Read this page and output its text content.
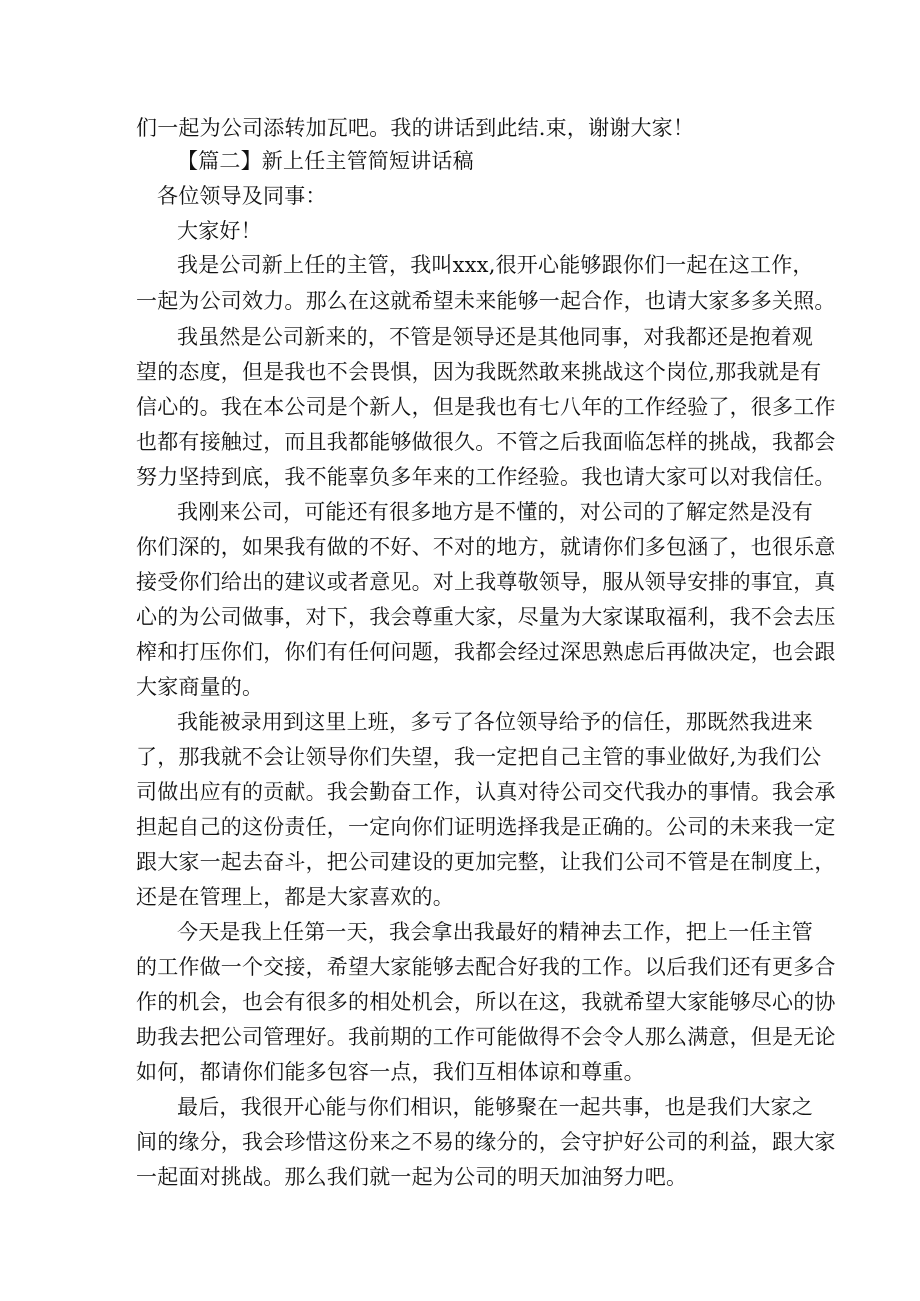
们一起为公司添转加瓦吧。我的讲话到此结.束，谢谢大家！
【篇二】新上任主管简短讲话稿
各位领导及同事：
大家好！
我是公司新上任的主管，我叫xxx,很开心能够跟你们一起在这工作，
一起为公司效力。那么在这就希望未来能够一起合作，也请大家多多关照。
我虽然是公司新来的，不管是领导还是其他同事，对我都还是抱着观
望的态度，但是我也不会畏惧，因为我既然敢来挑战这个岗位,那我就是有
信心的。我在本公司是个新人，但是我也有七八年的工作经验了，很多工作
也都有接触过，而且我都能够做很久。不管之后我面临怎样的挑战，我都会
努力坚持到底，我不能辜负多年来的工作经验。我也请大家可以对我信任。
我刚来公司，可能还有很多地方是不懂的，对公司的了解定然是没有
你们深的，如果我有做的不好、不对的地方，就请你们多包涵了，也很乐意
接受你们给出的建议或者意见。对上我尊敬领导，服从领导安排的事宜，真
心的为公司做事，对下，我会尊重大家，尽量为大家谋取福利，我不会去压
榨和打压你们，你们有任何问题，我都会经过深思熟虑后再做决定，也会跟
大家商量的。
我能被录用到这里上班，多亏了各位领导给予的信任，那既然我进来
了，那我就不会让领导你们失望，我一定把自己主管的事业做好,为我们公
司做出应有的贡献。我会勤奋工作，认真对待公司交代我办的事情。我会承
担起自己的这份责任，一定向你们证明选择我是正确的。公司的未来我一定
跟大家一起去奋斗，把公司建设的更加完整，让我们公司不管是在制度上，
还是在管理上，都是大家喜欢的。
今天是我上任第一天，我会拿出我最好的精神去工作，把上一任主管
的工作做一个交接，希望大家能够去配合好我的工作。以后我们还有更多合
作的机会，也会有很多的相处机会，所以在这，我就希望大家能够尽心的协
助我去把公司管理好。我前期的工作可能做得不会令人那么满意，但是无论
如何，都请你们能多包容一点，我们互相体谅和尊重。
最后，我很开心能与你们相识，能够聚在一起共事，也是我们大家之
间的缘分，我会珍惜这份来之不易的缘分的，会守护好公司的利益，跟大家
一起面对挑战。那么我们就一起为公司的明天加油努力吧。
